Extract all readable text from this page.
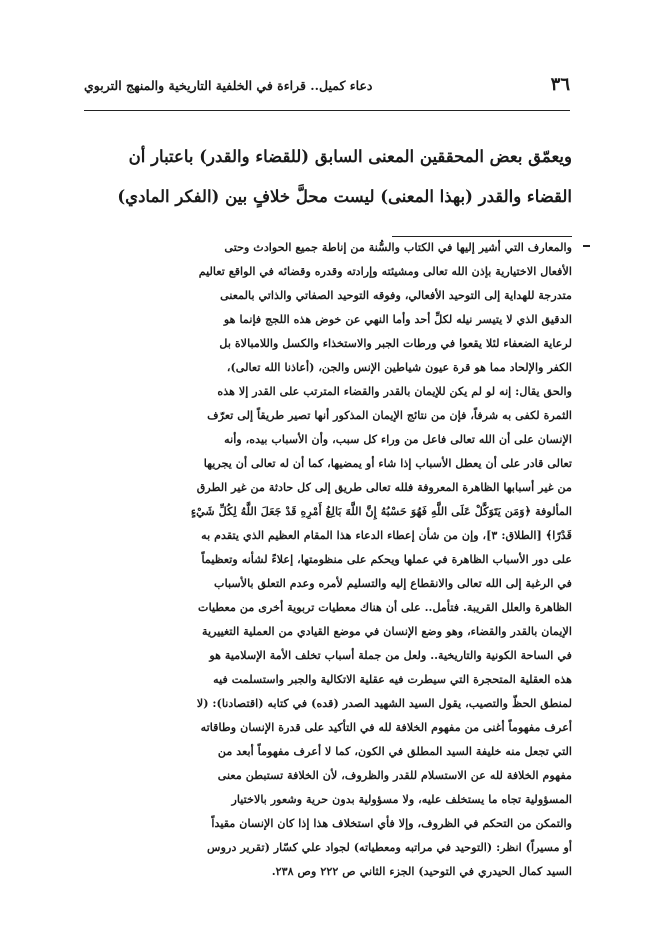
٣٦
دعاء كميل.. قراءة في الخلفية التاريخية والمنهج التربوي
ويعمّق بعض المحققين المعنى السابق (للقضاء والقدر) باعتبار أن
القضاء والقدر (بهذا المعنى) ليست محلَّ خلافٍ بين (الفكر المادي)
والمعارف التي أشير إليها في الكتاب والسُّنة من إناطة جميع الحوادث وحتى
الأفعال الاختيارية بإذن الله تعالى ومشيئته وإرادته وقدره وقضائه في الواقع تعاليم
متدرجة للهداية إلى التوحيد الأفعالي، وفوقه التوحيد الصفاتي والذاتي بالمعنى
الدقيق الذي لا يتيسر نيله لكلِّ أحد وأما النهي عن خوض هذه اللجج فإنما هو
لرعاية الضعفاء لئلا يقعوا في ورطات الجبر والاستخذاء والكسل واللامبالاة بل
الكفر والإلحاد مما هو قرة عيون شياطين الإنس والجن، (أعاذنا الله تعالى)،
والحق يقال: إنه لو لم يكن للإيمان بالقدر والقضاء المترتب على القدر إلا هذه
الثمرة لكفى به شرفاً، فإن من نتائج الإيمان المذكور أنها تصير طريقاً إلى تعرّف
الإنسان على أن الله تعالى فاعل من وراء كل سبب، وأن الأسباب بيده، وأنه
تعالى قادر على أن يعطل الأسباب إذا شاء أو يمضيها، كما أن له تعالى أن يجريها
من غير أسبابها الظاهرة المعروفة فلله تعالى طريق إلى كل حادثة من غير الطرق
المألوفة ﴿وَمَن يَتَوَكَّلْ عَلَى اللَّهِ فَهُوَ حَسْبُهُ إِنَّ اللَّهَ بَالِغُ أَمْرِهِ قَدْ جَعَلَ اللَّهُ لِكُلِّ شَيْءٍ
قَدْرًا﴾ [الطلاق: ٣]، وإن من شأن إعطاء الدعاء هذا المقام العظيم الذي يتقدم به
على دور الأسباب الظاهرة في عملها ويحكم على منظومتها، إعلاءً لشأنه وتعظيماً
في الرغبة إلى الله تعالى والانقطاع إليه والتسليم لأمره وعدم التعلق بالأسباب
الظاهرة والعلل القريبة. فتأمل.. على أن هناك معطيات تربوية أخرى من معطيات
الإيمان بالقدر والقضاء، وهو وضع الإنسان في موضع القيادي من العملية التغييرية
في الساحة الكونية والتاريخية.. ولعل من جملة أسباب تخلف الأمة الإسلامية هو
هذه العقلية المتحجرة التي سيطرت فيه عقلية الاتكالية والجبر واستسلمت فيه
لمنطق الحظّ والتصيب، يقول السيد الشهيد الصدر (قده) في كتابه (اقتصادنا): (لا
أعرف مفهوماً أغنى من مفهوم الخلافة لله في التأكيد على قدرة الإنسان وطاقاته
التي تجعل منه خليفة السيد المطلق في الكون، كما لا أعرف مفهوماً أبعد من
مفهوم الخلافة لله عن الاستسلام للقدر والظروف، لأن الخلافة تستبطن معنى
المسؤولية تجاه ما يستخلف عليه، ولا مسؤولية بدون حرية وشعور بالاختيار
والتمكن من التحكم في الظروف، وإلا فأي استخلاف هذا إذا كان الإنسان مقيداً
أو مسيراً) انظر: (التوحيد في مراتبه ومعطياته) لجواد علي كسّار (تقرير دروس
السيد كمال الحيدري في التوحيد) الجزء الثاني ص ٢٢٢ وص ٢٣٨.
